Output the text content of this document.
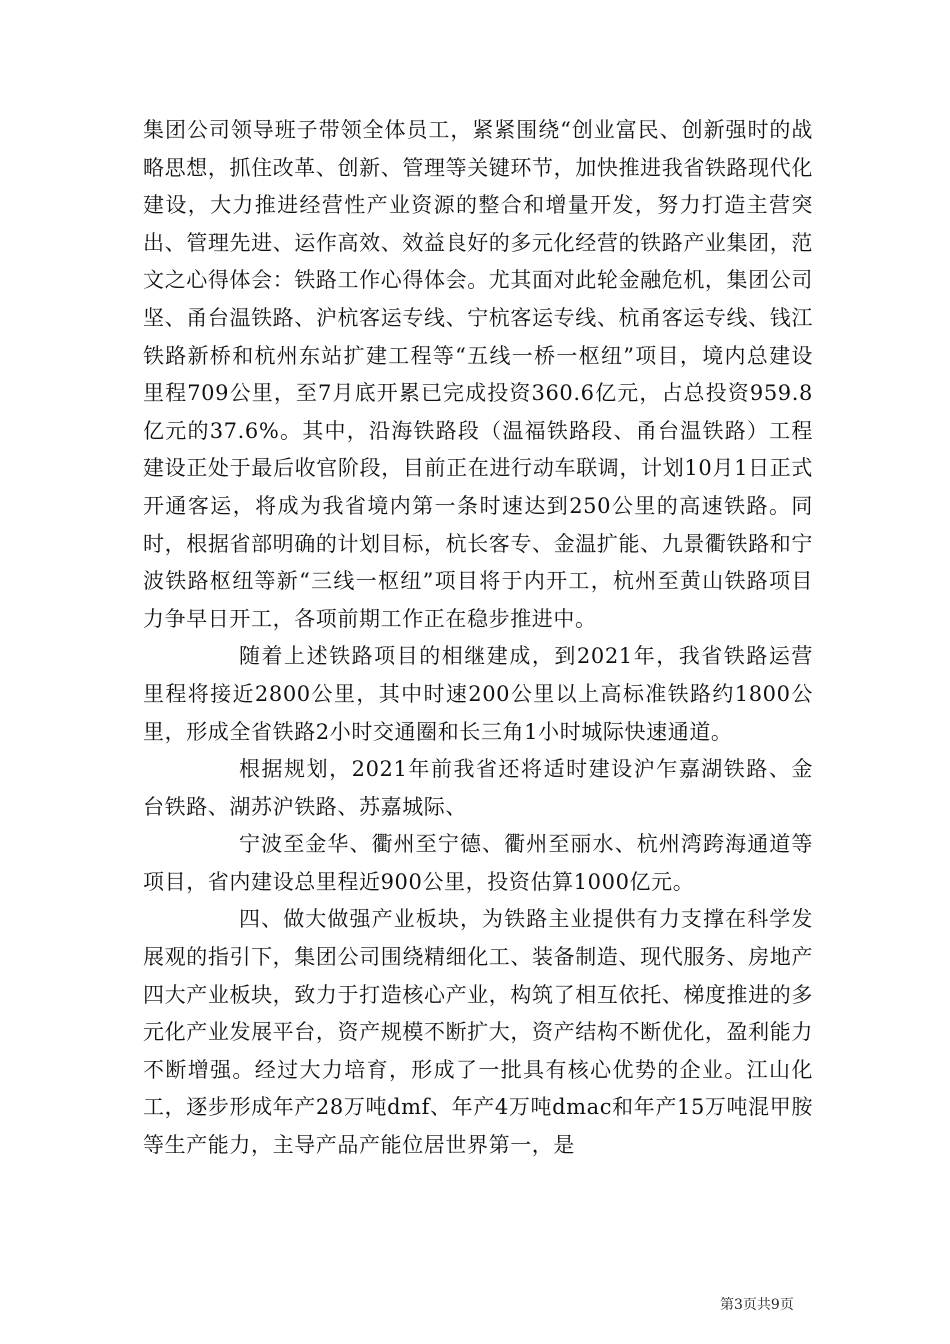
集团公司领导班子带领全体员工，紧紧围绕“创业富民、创新强时的战略思想，抓住改革、创新、管理等关键环节，加快推进我省铁路现代化建设，大力推进经营性产业资源的整合和增量开发，努力打造主营突出、管理先进、运作高效、效益良好的多元化经营的铁路产业集团，范文之心得体会：铁路工作心得体会。尤其面对此轮金融危机，集团公司坚、甬台温铁路、沪杭客运专线、宁杭客运专线、杭甬客运专线、钱江铁路新桥和杭州东站扩建工程等“五线一桥一枢纽”项目，境内总建设里程709公里，至7月底开累已完成投资360.6亿元，占总投资959.8亿元的37.6%。其中，沿海铁路段（温福铁路段、甬台温铁路）工程建设正处于最后收官阶段，目前正在进行动车联调，计划10月1日正式开通客运，将成为我省境内第一条时速达到250公里的高速铁路。同时，根据省部明确的计划目标，杭长客专、金温扩能、九景衢铁路和宁波铁路枢纽等新“三线一枢纽”项目将于内开工，杭州至黄山铁路项目力争早日开工，各项前期工作正在稳步推进中。

随着上述铁路项目的相继建成，到2021年，我省铁路运营里程将接近2800公里，其中时速200公里以上高标准铁路约1800公里，形成全省铁路2小时交通圈和长三角1小时城际快速通道。

根据规划，2021年前我省还将适时建设沪乍嘉湖铁路、金台铁路、湖苏沪铁路、苏嘉城际、

宁波至金华、衢州至宁德、衢州至丽水、杭州湾跨海通道等项目，省内建设总里程近900公里，投资估算1000亿元。

四、做大做强产业板块，为铁路主业提供有力支撑在科学发展观的指引下，集团公司围绕精细化工、装备制造、现代服务、房地产四大产业板块，致力于打造核心产业，构筑了相互依托、梯度推进的多元化产业发展平台，资产规模不断扩大，资产结构不断优化，盈利能力不断增强。经过大力培育，形成了一批具有核心优势的企业。江山化工，逐步形成年产28万吨dmf、年产4万吨dmac和年产15万吨混甲胺等生产能力，主导产品产能位居世界第一，是

第3页共9页
